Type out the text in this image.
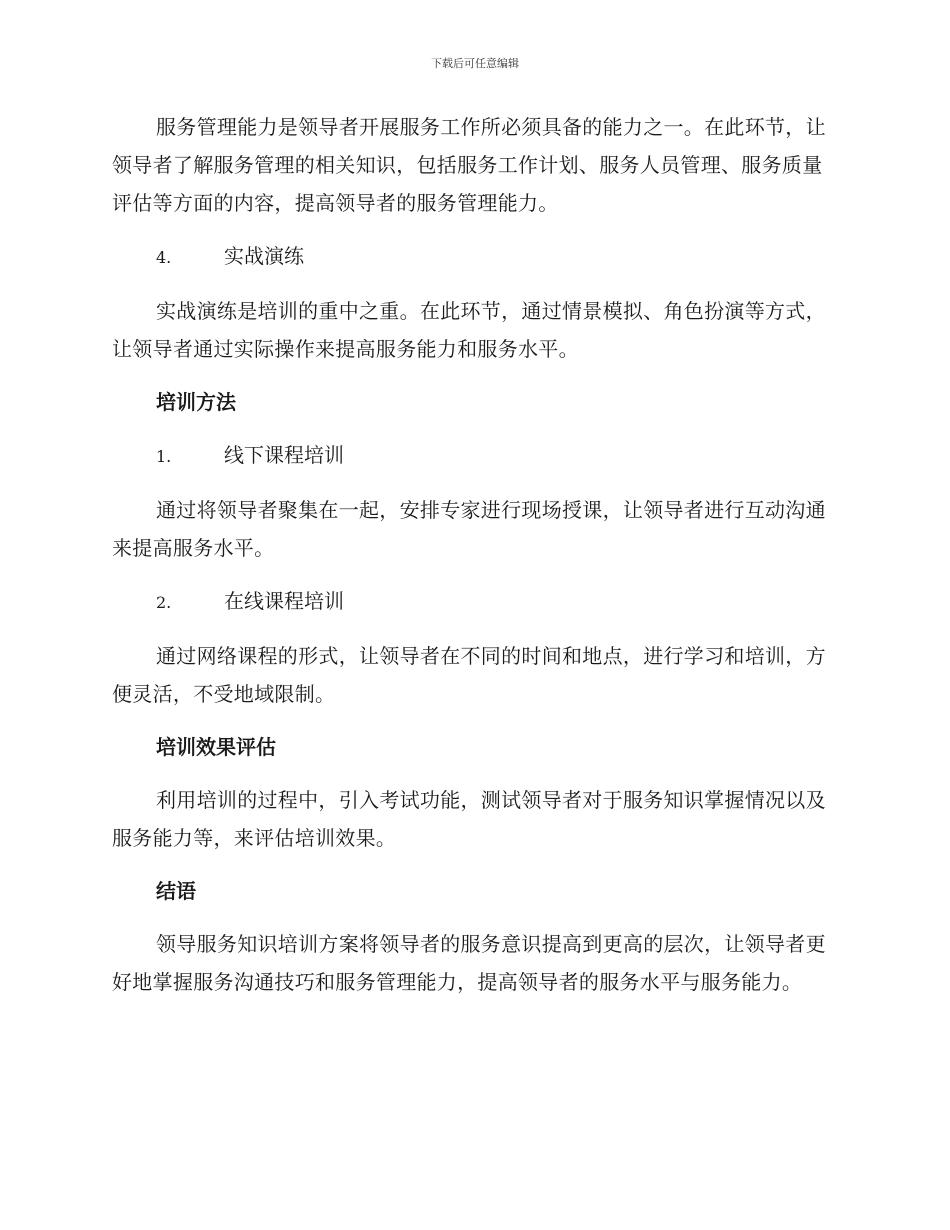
下载后可任意编辑

服务管理能力是领导者开展服务工作所必须具备的能力之一。在此环节，让领导者了解服务管理的相关知识，包括服务工作计划、服务人员管理、服务质量评估等方面的内容，提高领导者的服务管理能力。

4.	实战演练

实战演练是培训的重中之重。在此环节，通过情景模拟、角色扮演等方式，让领导者通过实际操作来提高服务能力和服务水平。

培训方法
1.	线下课程培训

通过将领导者聚集在一起，安排专家进行现场授课，让领导者进行互动沟通来提高服务水平。

2.	在线课程培训

通过网络课程的形式，让领导者在不同的时间和地点，进行学习和培训，方便灵活，不受地域限制。

培训效果评估

利用培训的过程中，引入考试功能，测试领导者对于服务知识掌握情况以及服务能力等，来评估培训效果。

结语

领导服务知识培训方案将领导者的服务意识提高到更高的层次，让领导者更好地掌握服务沟通技巧和服务管理能力，提高领导者的服务水平与服务能力。
